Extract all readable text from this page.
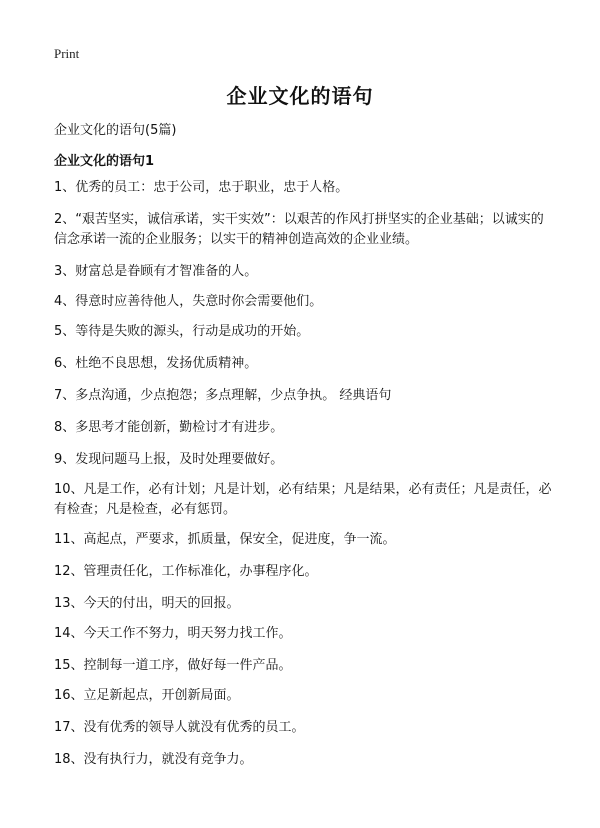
Print
企业文化的语句
企业文化的语句(5篇)
企业文化的语句1

1、优秀的员工：忠于公司，忠于职业，忠于人格。

2、“艰苦坚实，诚信承诺，实干实效”：以艰苦的作风打拼坚实的企业基础；以诚实的信念承诺一流的企业服务；以实干的精神创造高效的企业业绩。

3、财富总是眷顾有才智准备的人。

4、得意时应善待他人，失意时你会需要他们。

5、等待是失败的源头，行动是成功的开始。

6、杜绝不良思想，发扬优质精神。

7、多点沟通，少点抱怨；多点理解，少点争执。 经典语句

8、多思考才能创新，勤检讨才有进步。

9、发现问题马上报，及时处理要做好。

10、凡是工作，必有计划；凡是计划，必有结果；凡是结果，必有责任；凡是责任，必有检查；凡是检查，必有惩罚。

11、高起点，严要求，抓质量，保安全，促进度，争一流。

12、管理责任化，工作标准化，办事程序化。

13、今天的付出，明天的回报。

14、今天工作不努力，明天努力找工作。

15、控制每一道工序，做好每一件产品。

16、立足新起点，开创新局面。

17、没有优秀的领导人就没有优秀的员工。

18、没有执行力，就没有竞争力。
